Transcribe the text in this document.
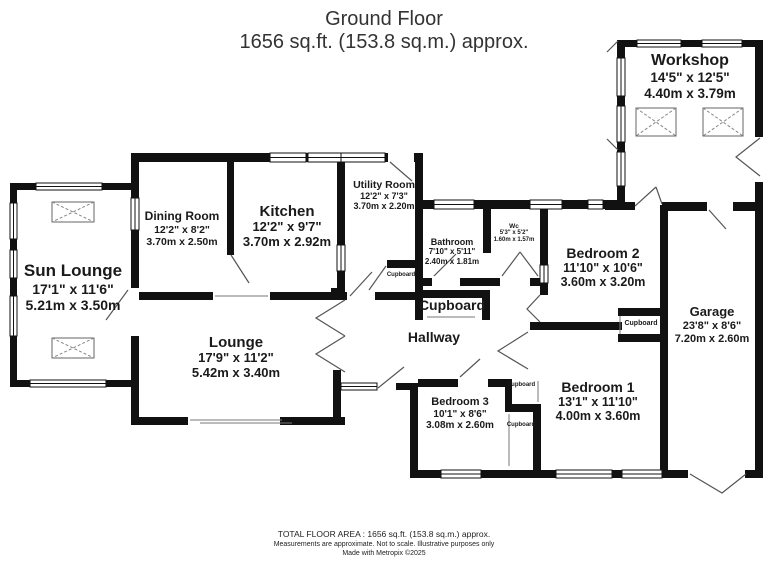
Ground Floor
1656 sq.ft. (153.8 sq.m.) approx.
Workshop
14'5" x 12'5"
4.40m x 3.79m
Sun Lounge
17'1" x 11'6"
5.21m x 3.50m
Dining Room
12'2" x 8'2"
3.70m x 2.50m
Kitchen
12'2" x 9'7"
3.70m x 2.92m
Utility Room
12'2" x 7'3"
3.70m x 2.20m
Bathroom
7'10" x 5'11"
2.40m x 1.81m
Wc
5'3" x 5'2"
1.60m x 1.57m
Bedroom 2
11'10" x 10'6"
3.60m x 3.20m
Garage
23'8" x 8'6"
7.20m x 2.60m
Lounge
17'9" x 11'2"
5.42m x 3.40m
Bedroom 3
10'1" x 8'6"
3.08m x 2.60m
Bedroom 1
13'1" x 11'10"
4.00m x 3.60m
Cupboard
Hallway
Cupboard
Cupboard
Cupboard
Cupboard
TOTAL FLOOR AREA : 1656 sq.ft. (153.8 sq.m.) approx.
Measurements are approximate. Not to scale. Illustrative purposes only
Made with Metropix ©2025
